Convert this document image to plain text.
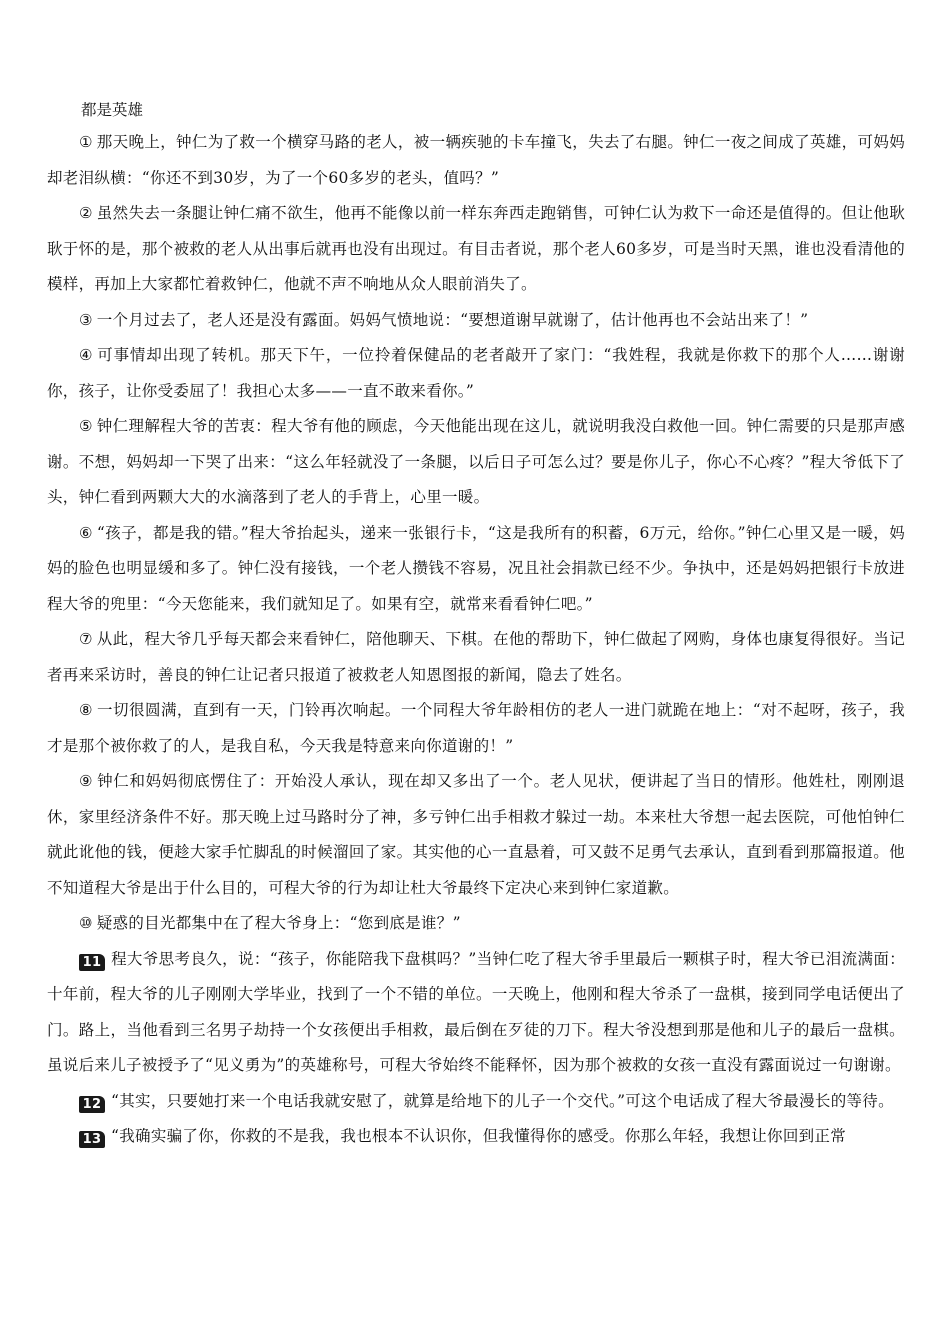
都是英雄

① 那天晚上，钟仁为了救一个横穿马路的老人，被一辆疾驰的卡车撞飞，失去了右腿。钟仁一夜之间成了英雄，可妈妈却老泪纵横：“你还不到30岁，为了一个60多岁的老头，值吗？”

② 虽然失去一条腿让钟仁痛不欲生，他再不能像以前一样东奔西走跑销售，可钟仁认为救下一命还是值得的。但让他耿耿于怀的是，那个被救的老人从出事后就再也没有出现过。有目击者说，那个老人60多岁，可是当时天黑，谁也没看清他的模样，再加上大家都忙着救钟仁，他就不声不响地从众人眼前消失了。

③ 一个月过去了，老人还是没有露面。妈妈气愤地说：“要想道谢早就谢了，估计他再也不会站出来了！”

④ 可事情却出现了转机。那天下午，一位拎着保健品的老者敲开了家门：“我姓程，我就是你救下的那个人……谢谢你，孩子，让你受委屈了！我担心太多——一直不敢来看你。”

⑤ 钟仁理解程大爷的苦衷：程大爷有他的顾虑，今天他能出现在这儿，就说明我没白救他一回。钟仁需要的只是那声感谢。不想，妈妈却一下哭了出来：“这么年轻就没了一条腿，以后日子可怎么过？要是你儿子，你心不心疼？”程大爷低下了头，钟仁看到两颗大大的水滴落到了老人的手背上，心里一暖。

⑥ “孩子，都是我的错。”程大爷抬起头，递来一张银行卡，“这是我所有的积蓄，6万元，给你。”钟仁心里又是一暖，妈妈的脸色也明显缓和多了。钟仁没有接钱，一个老人攒钱不容易，况且社会捐款已经不少。争执中，还是妈妈把银行卡放进程大爷的兜里：“今天您能来，我们就知足了。如果有空，就常来看看钟仁吧。”

⑦ 从此，程大爷几乎每天都会来看钟仁，陪他聊天、下棋。在他的帮助下，钟仁做起了网购，身体也康复得很好。当记者再来采访时，善良的钟仁让记者只报道了被救老人知恩图报的新闻，隐去了姓名。

⑧ 一切很圆满，直到有一天，门铃再次响起。一个同程大爷年龄相仿的老人一进门就跪在地上：“对不起呀，孩子，我才是那个被你救了的人，是我自私，今天我是特意来向你道谢的！”

⑨ 钟仁和妈妈彻底愣住了：开始没人承认，现在却又多出了一个。老人见状，便讲起了当日的情形。他姓杜，刚刚退休，家里经济条件不好。那天晚上过马路时分了神，多亏钟仁出手相救才躲过一劫。本来杜大爷想一起去医院，可他怕钟仁就此讹他的钱，便趁大家手忙脚乱的时候溜回了家。其实他的心一直悬着，可又鼓不足勇气去承认，直到看到那篇报道。他不知道程大爷是出于什么目的，可程大爷的行为却让杜大爷最终下定决心来到钟仁家道歉。

⑩ 疑惑的目光都集中在了程大爷身上：“您到底是谁？”

11 程大爷思考良久，说：“孩子，你能陪我下盘棋吗？”当钟仁吃了程大爷手里最后一颗棋子时，程大爷已泪流满面：十年前，程大爷的儿子刚刚大学毕业，找到了一个不错的单位。一天晚上，他刚和程大爷杀了一盘棋，接到同学电话便出了门。路上，当他看到三名男子劫持一个女孩便出手相救，最后倒在歹徒的刀下。程大爷没想到那是他和儿子的最后一盘棋。虽说后来儿子被授予了“见义勇为”的英雄称号，可程大爷始终不能释怀，因为那个被救的女孩一直没有露面说过一句谢谢。

12 “其实，只要她打来一个电话我就安慰了，就算是给地下的儿子一个交代。”可这个电话成了程大爷最漫长的等待。

13 “我确实骗了你，你救的不是我，我也根本不认识你，但我懂得你的感受。你那么年轻，我想让你回到正常
